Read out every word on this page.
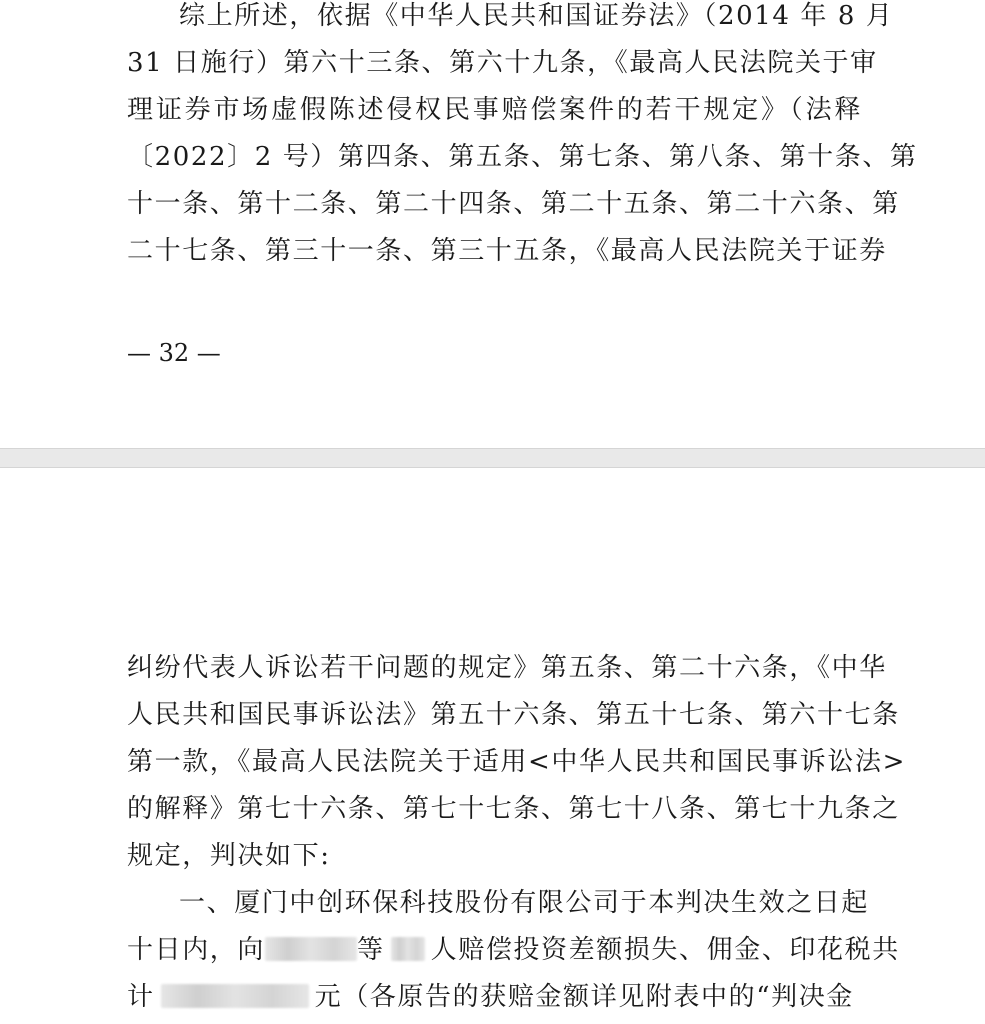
综上所述，依据《中华人民共和国证券法》（2014 年 8 月
31 日施行）第六十三条、第六十九条，《最高人民法院关于审
理证券市场虚假陈述侵权民事赔偿案件的若干规定》（法释
〔2022〕2 号）第四条、第五条、第七条、第八条、第十条、第
十一条、第十二条、第二十四条、第二十五条、第二十六条、第
二十七条、第三十一条、第三十五条，《最高人民法院关于证券
— 32 —
纠纷代表人诉讼若干问题的规定》第五条、第二十六条，《中华
人民共和国民事诉讼法》第五十六条、第五十七条、第六十七条
第一款，《最高人民法院关于适用<中华人民共和国民事诉讼法>
的解释》第七十六条、第七十七条、第七十八条、第七十九条之
规定，判决如下:
一、厦门中创环保科技股份有限公司于本判决生效之日起
十日内，向	等 人赔偿投资差额损失、佣金、印花税共
计	元（各原告的获赔金额详见附表中的“判决金
